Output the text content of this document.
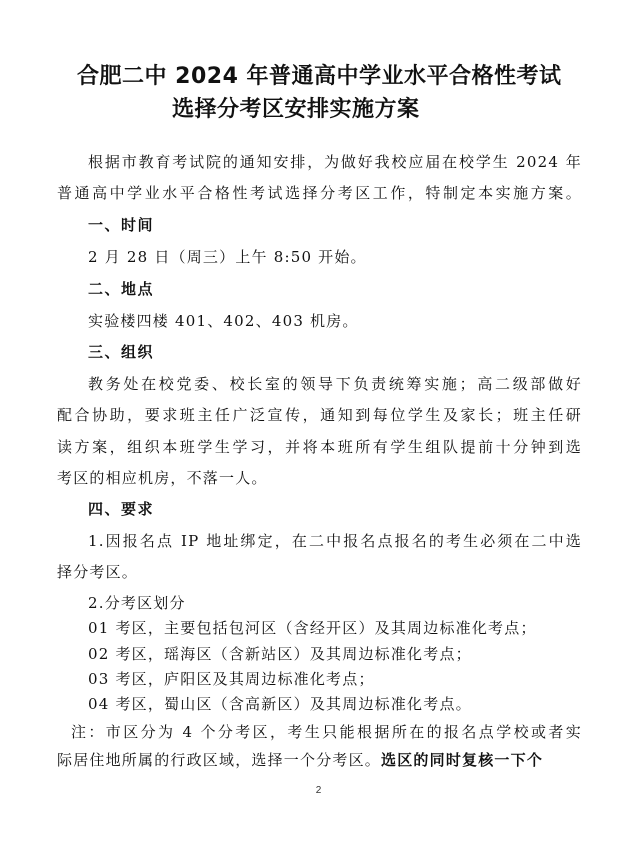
合肥二中 2024 年普通高中学业水平合格性考试
选择分考区安排实施方案
根据市教育考试院的通知安排，为做好我校应届在校学生 2024 年
普通高中学业水平合格性考试选择分考区工作，特制定本实施方案。
一、时间
2 月 28 日（周三）上午 8:50 开始。
二、地点
实验楼四楼 401、402、403 机房。
三、组织
教务处在校党委、校长室的领导下负责统筹实施；高二级部做好
配合协助，要求班主任广泛宣传，通知到每位学生及家长；班主任研
读方案，组织本班学生学习，并将本班所有学生组队提前十分钟到选
考区的相应机房，不落一人。
四、要求
1.因报名点 IP 地址绑定，在二中报名点报名的考生必须在二中选
择分考区。
2.分考区划分
01 考区，主要包括包河区（含经开区）及其周边标准化考点；
02 考区，瑶海区（含新站区）及其周边标准化考点；
03 考区，庐阳区及其周边标准化考点；
04 考区，蜀山区（含高新区）及其周边标准化考点。
注：市区分为 4 个分考区，考生只能根据所在的报名点学校或者实
际居住地所属的行政区域，选择一个分考区。选区的同时复核一下个
2
